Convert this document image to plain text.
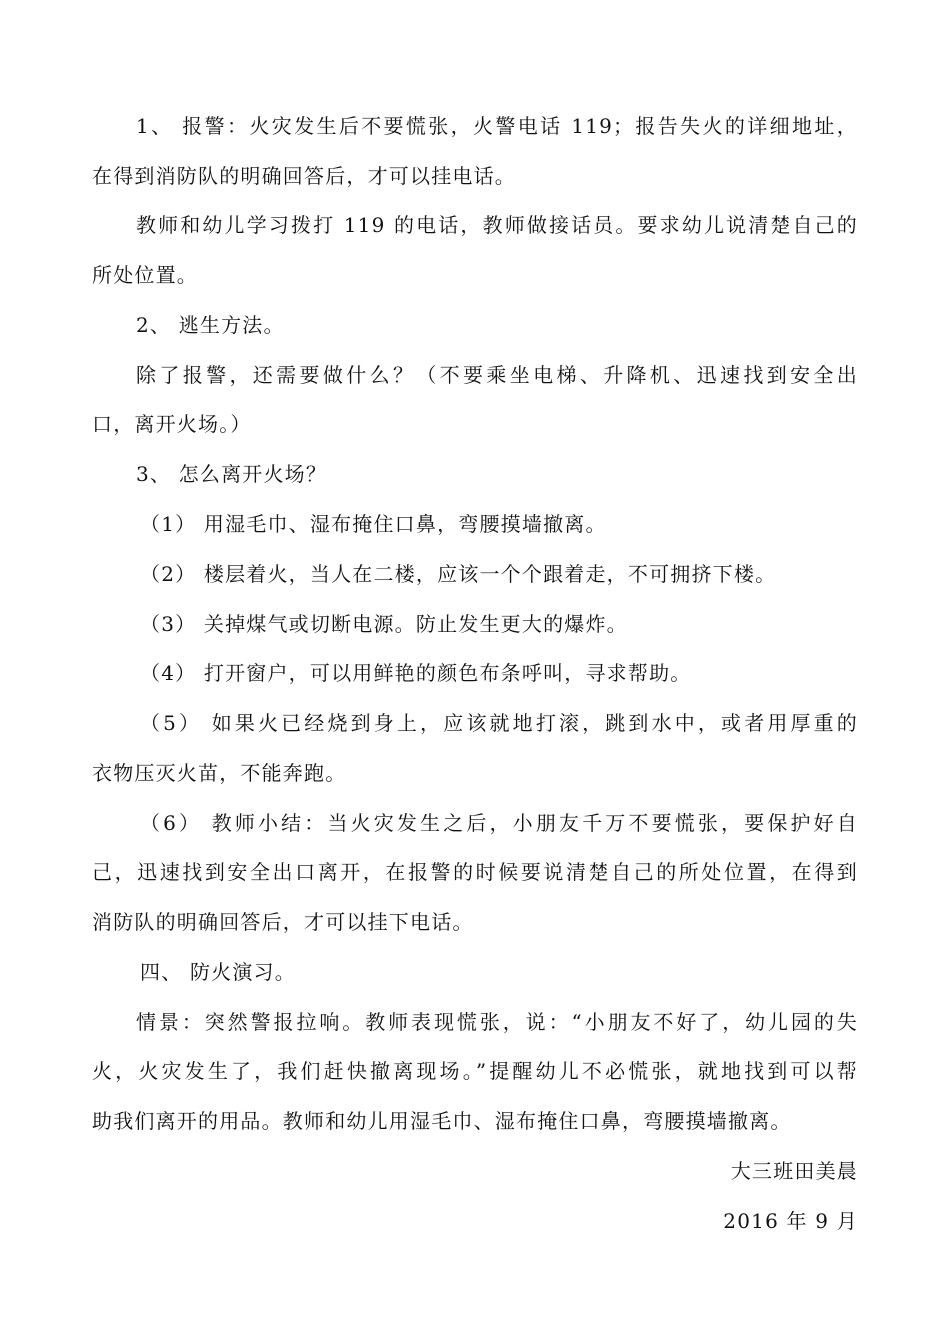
1、 报警：火灾发生后不要慌张，火警电话 119；报告失火的详细地址，
在得到消防队的明确回答后，才可以挂电话。
教师和幼儿学习拨打 119 的电话，教师做接话员。要求幼儿说清楚自己的
所处位置。
2、 逃生方法。
除了报警，还需要做什么？（不要乘坐电梯、升降机、迅速找到安全出
口，离开火场。）
3、 怎么离开火场？
（1） 用湿毛巾、湿布掩住口鼻，弯腰摸墙撤离。
（2） 楼层着火，当人在二楼，应该一个个跟着走，不可拥挤下楼。
（3） 关掉煤气或切断电源。防止发生更大的爆炸。
（4） 打开窗户，可以用鲜艳的颜色布条呼叫，寻求帮助。
（5） 如果火已经烧到身上，应该就地打滚，跳到水中，或者用厚重的
衣物压灭火苗，不能奔跑。
（6） 教师小结：当火灾发生之后，小朋友千万不要慌张，要保护好自
己，迅速找到安全出口离开，在报警的时候要说清楚自己的所处位置，在得到
消防队的明确回答后，才可以挂下电话。
四、 防火演习。
情景：突然警报拉响。教师表现慌张，说：“小朋友不好了，幼儿园的失
火，火灾发生了，我们赶快撤离现场。”提醒幼儿不必慌张，就地找到可以帮
助我们离开的用品。教师和幼儿用湿毛巾、湿布掩住口鼻，弯腰摸墙撤离。
大三班田美晨
2016 年 9 月
